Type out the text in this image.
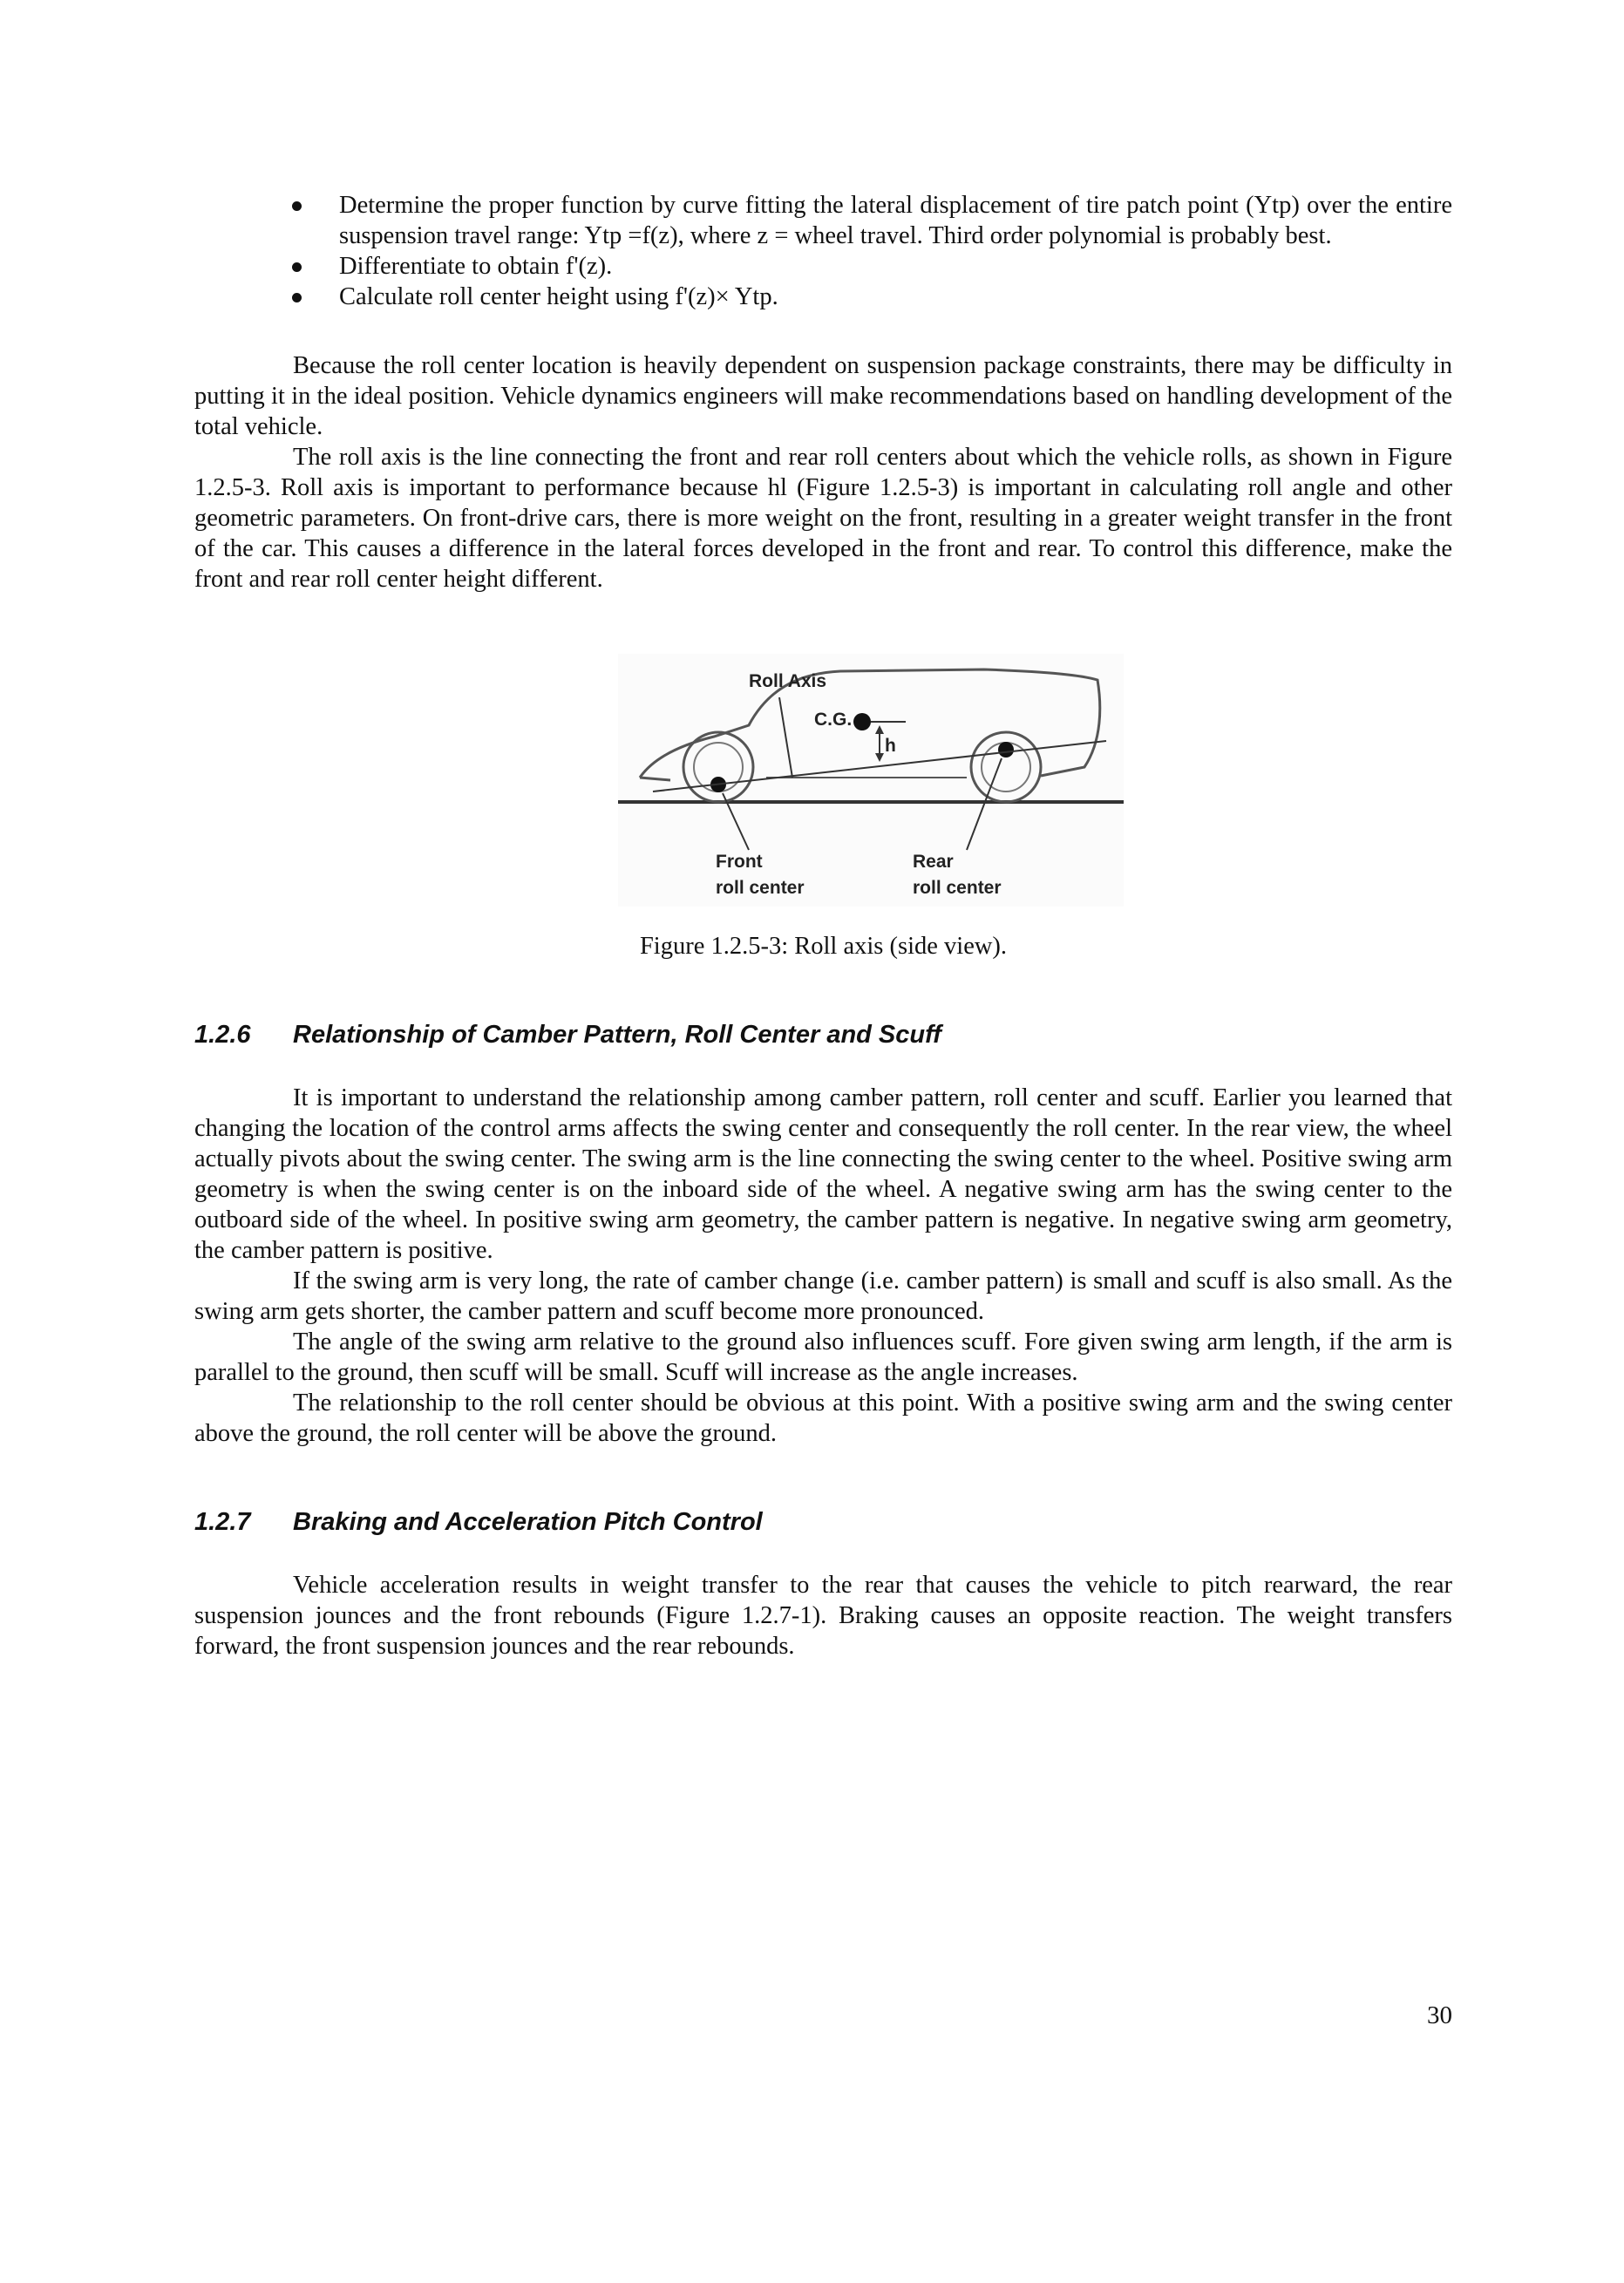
Determine the proper function by curve fitting the lateral displacement of tire patch point (Ytp) over the entire suspension travel range: Ytp =f(z), where z = wheel travel. Third order polynomial is probably best.
Differentiate to obtain f'(z).
Calculate roll center height using f'(z)× Ytp.

Because the roll center location is heavily dependent on suspension package constraints, there may be difficulty in putting it in the ideal position. Vehicle dynamics engineers will make recommendations based on handling development of the total vehicle.

The roll axis is the line connecting the front and rear roll centers about which the vehicle rolls, as shown in Figure 1.2.5-3. Roll axis is important to performance because hl (Figure 1.2.5-3) is important in calculating roll angle and other geometric parameters. On front-drive cars, there is more weight on the front, resulting in a greater weight transfer in the front of the car. This causes a difference in the lateral forces developed in the front and rear. To control this difference, make the front and rear roll center height different.

Roll Axis
C.G.
h
Front
roll center
Rear
roll center
Figure 1.2.5-3: Roll axis (side view).
1.2.6	Relationship of Camber Pattern, Roll Center and Scuff

It is important to understand the relationship among camber pattern, roll center and scuff. Earlier you learned that changing the location of the control arms affects the swing center and consequently the roll center. In the rear view, the wheel actually pivots about the swing center. The swing arm is the line connecting the swing center to the wheel. Positive swing arm geometry is when the swing center is on the inboard side of the wheel. A negative swing arm has the swing center to the outboard side of the wheel. In positive swing arm geometry, the camber pattern is negative. In negative swing arm geometry, the camber pattern is positive.

If the swing arm is very long, the rate of camber change (i.e. camber pattern) is small and scuff is also small. As the swing arm gets shorter, the camber pattern and scuff become more pronounced.

The angle of the swing arm relative to the ground also influences scuff. Fore given swing arm length, if the arm is parallel to the ground, then scuff will be small. Scuff will increase as the angle increases.

The relationship to the roll center should be obvious at this point. With a positive swing arm and the swing center above the ground, the roll center will be above the ground.

1.2.7	Braking and Acceleration Pitch Control

Vehicle acceleration results in weight transfer to the rear that causes the vehicle to pitch rearward, the rear suspension jounces and the front rebounds (Figure 1.2.7-1). Braking causes an opposite reaction. The weight transfers forward, the front suspension jounces and the rear rebounds.

30
